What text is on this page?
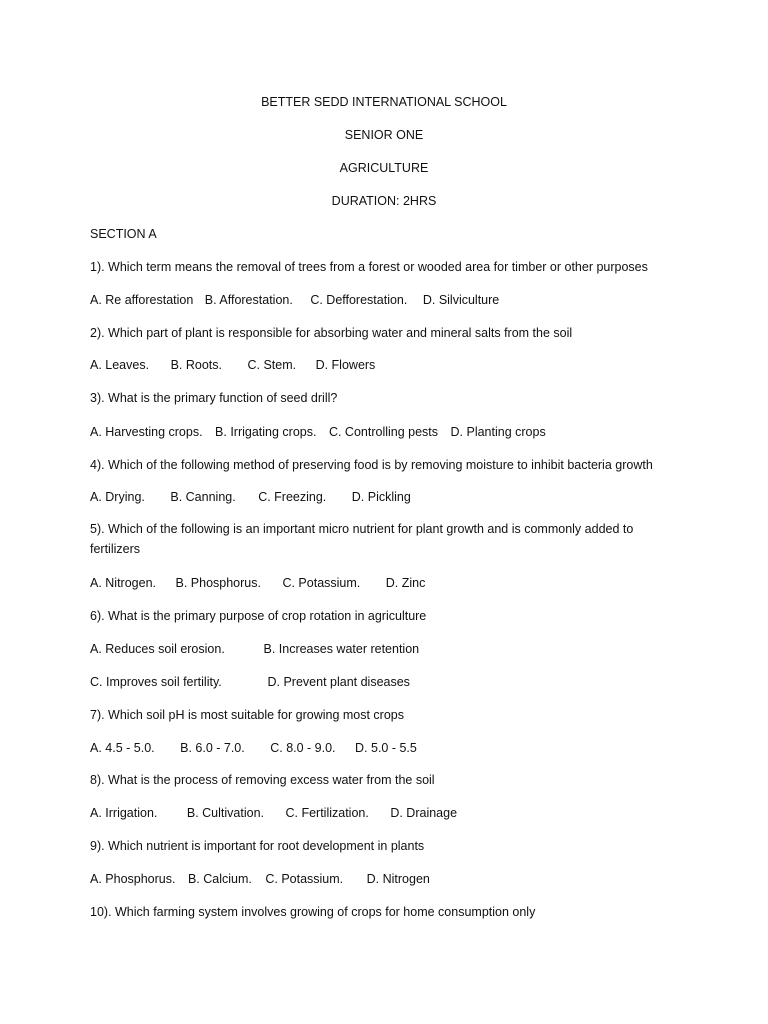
BETTER SEDD INTERNATIONAL SCHOOL
SENIOR ONE
AGRICULTURE
DURATION: 2HRS
SECTION A
1). Which term means the removal of trees from a forest or wooded area for timber or other purposes
A. Re afforestation B. Afforestation. C. Defforestation. D. Silviculture
2). Which part of plant is responsible for absorbing water and mineral salts from the soil
A. Leaves. B. Roots. C. Stem. D. Flowers
3). What is the primary function of seed drill?
A. Harvesting crops. B. Irrigating crops. C. Controlling pests D. Planting crops
4). Which of the following method of preserving food is by removing moisture to inhibit bacteria growth
A. Drying. B. Canning. C. Freezing. D. Pickling
5). Which of the following is an important micro nutrient for plant growth and is commonly added to fertilizers
A. Nitrogen. B. Phosphorus. C. Potassium. D. Zinc
6). What is the primary purpose of crop rotation in agriculture
A. Reduces soil erosion.	B. Increases water retention
C. Improves soil fertility.	D. Prevent plant diseases
7). Which soil pH is most suitable for growing most crops
A. 4.5 - 5.0. B. 6.0 - 7.0. C. 8.0 - 9.0. D. 5.0 - 5.5
8). What is the process of removing excess water from the soil
A. Irrigation. B. Cultivation. C. Fertilization. D. Drainage
9). Which nutrient is important for root development in plants
A. Phosphorus. B. Calcium. C. Potassium. D. Nitrogen
10). Which farming system involves growing of crops for home consumption only
